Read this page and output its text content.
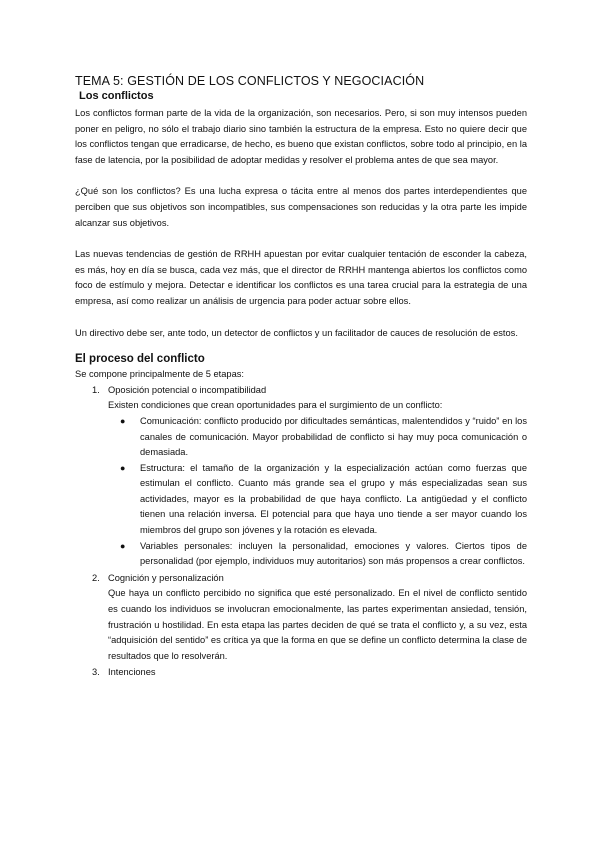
TEMA 5: GESTIÓN DE LOS CONFLICTOS Y NEGOCIACIÓN
Los conflictos

Los conflictos forman parte de la vida de la organización, son necesarios. Pero, si son muy intensos pueden poner en peligro, no sólo el trabajo diario sino también la estructura de la empresa. Esto no quiere decir que los conflictos tengan que erradicarse, de hecho, es bueno que existan conflictos, sobre todo al principio, en la fase de latencia, por la posibilidad de adoptar medidas y resolver el problema antes de que sea mayor.

¿Qué son los conflictos? Es una lucha expresa o tácita entre al menos dos partes interdependientes que perciben que sus objetivos son incompatibles, sus compensaciones son reducidas y la otra parte les impide alcanzar sus objetivos.

Las nuevas tendencias de gestión de RRHH apuestan por evitar cualquier tentación de esconder la cabeza, es más, hoy en día se busca, cada vez más, que el director de RRHH mantenga abiertos los conflictos como foco de estímulo y mejora. Detectar e identificar los conflictos es una tarea crucial para la estrategia de una empresa, así como realizar un análisis de urgencia para poder actuar sobre ellos.

Un directivo debe ser, ante todo, un detector de conflictos y un facilitador de cauces de resolución de estos.

El proceso del conflicto

Se compone principalmente de 5 etapas:

1. Oposición potencial o incompatibilidad
Existen condiciones que crean oportunidades para el surgimiento de un conflicto:
● Comunicación: conflicto producido por dificultades semánticas, malentendidos y “ruido” en los canales de comunicación. Mayor probabilidad de conflicto si hay muy poca comunicación o demasiada.
● Estructura: el tamaño de la organización y la especialización actúan como fuerzas que estimulan el conflicto. Cuanto más grande sea el grupo y más especializadas sean sus actividades, mayor es la probabilidad de que haya conflicto. La antigüedad y el conflicto tienen una relación inversa. El potencial para que haya uno tiende a ser mayor cuando los miembros del grupo son jóvenes y la rotación es elevada.
● Variables personales: incluyen la personalidad, emociones y valores. Ciertos tipos de personalidad (por ejemplo, individuos muy autoritarios) son más propensos a crear conflictos.
2. Cognición y personalización
Que haya un conflicto percibido no significa que esté personalizado. En el nivel de conflicto sentido es cuando los individuos se involucran emocionalmente, las partes experimentan ansiedad, tensión, frustración u hostilidad. En esta etapa las partes deciden de qué se trata el conflicto y, a su vez, esta “adquisición del sentido” es crítica ya que la forma en que se define un conflicto determina la clase de resultados que lo resolverán.
3. Intenciones
